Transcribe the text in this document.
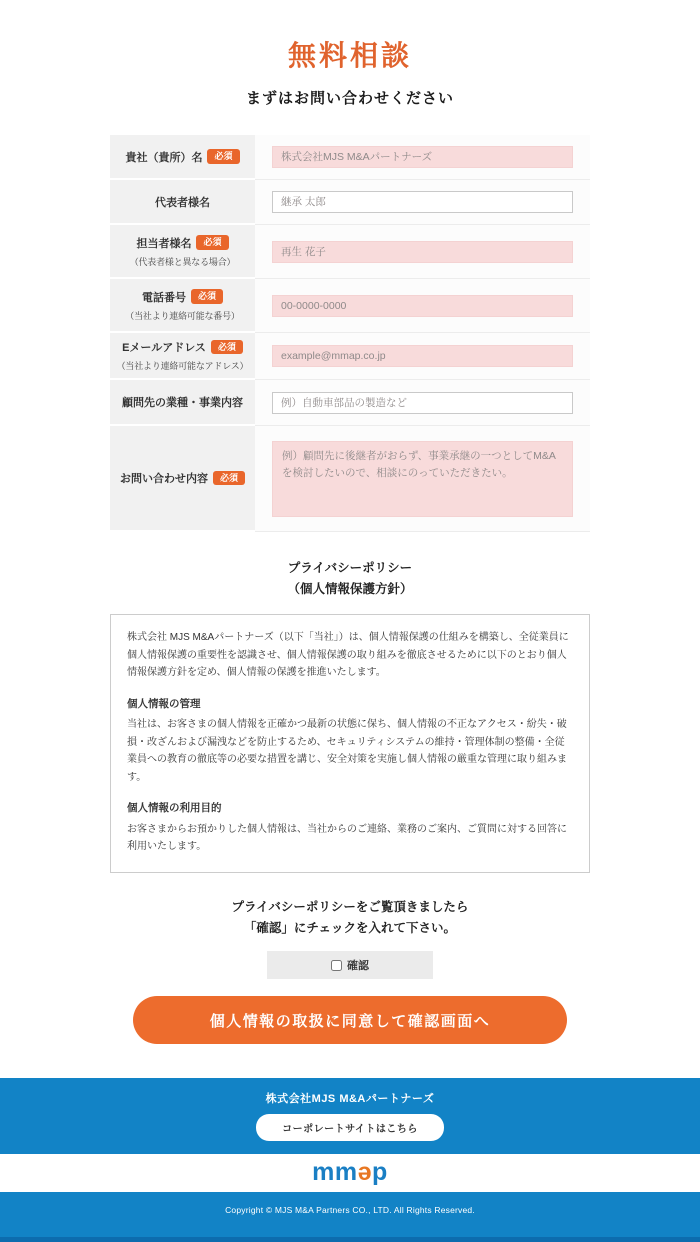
無料相談
まずはお問い合わせください
貴社（貴所）名	必須
株式会社MJS M&Aパートナーズ
代表者様名
継承 太郎
担当者様名	必須
（代表者様と異なる場合）
再生 花子
電話番号	必須
（当社より連絡可能な番号）
00-0000-0000
Eメールアドレス	必須
（当社より連絡可能なアドレス）
example@mmap.co.jp
顧問先の業種・事業内容
例）自動車部品の製造など
お問い合わせ内容	必須
例）顧問先に後継者がおらず、事業承継の一つとしてM&Aを検討したいので、相談にのっていただきたい。
プライバシーポリシー
（個人情報保護方針）

株式会社 MJS M&Aパートナーズ（以下「当社」）は、個人情報保護の仕組みを構築し、全従業員に個人情報保護の重要性を認識させ、個人情報保護の取り組みを徹底させるために以下のとおり個人情報保護方針を定め、個人情報の保護を推進いたします。

個人情報の管理

当社は、お客さまの個人情報を正確かつ最新の状態に保ち、個人情報の不正なアクセス・紛失・破損・改ざんおよび漏洩などを防止するため、セキュリティシステムの維持・管理体制の整備・全従業員への教育の徹底等の必要な措置を講じ、安全対策を実施し個人情報の厳重な管理に取り組みます。

個人情報の利用目的

お客さまからお預かりした個人情報は、当社からのご連絡、業務のご案内、ご質問に対する回答に利用いたします。

プライバシーポリシーをご覧頂きましたら
「確認」にチェックを入れて下さい。
確認
個人情報の取扱に同意して確認画面へ
株式会社MJS M&Aパートナーズ
コーポレートサイトはこちら
mməp
Copyright © MJS M&A Partners CO., LTD. All Rights Reserved.
